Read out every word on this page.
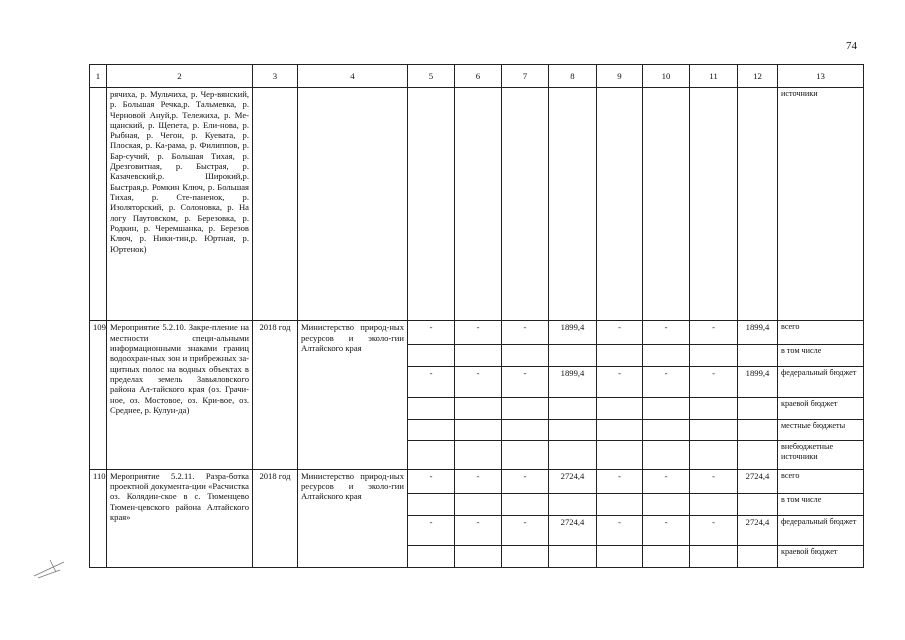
74
1	2	3	4	5	6	7	8	9	10	11	12	13
	рячиха, р. Мульчиха, р. Чер-вянский, р. Большая Речка,р. Тальмевка, р. Черновой Ануй,р. Тележиха, р. Ме-щанский, р. Щепета, р. Ели-нова, р. Рыбная, р. Чегон, р. Куевата, р. Плоская, р. Ка-рама, р. Филиппов, р. Бар-сучий, р. Большая Тихая, р. Дрезговитная, р. Быстрая, р. Казачевский,р. Широкий,р. Быстрая,р. Ромкин Ключ, р. Большая Тихая, р. Сте-паненок, р. Изоляторский, р. Солоновка, р. На логу Паутовском, р. Березовка, р. Родкин, р. Черемшанка, р. Березов Ключ, р. Ники-тин,р. Юртная, р. Юртенок)											источники
109	Мероприятие 5.2.10. Закре-пление на местности специ-альными информационными знаками границ водоохран-ных зон и прибрежных за-щитных полос на водных объектах в пределах земель Завьяловского района Ал-тайского края (оз. Грачи-ное, оз. Мостовое, оз. Кри-вое, оз. Среднее, р. Кулун-да)	2018 год	Министерство природ-ных ресурсов и эколо-гии Алтайского края	-	-	-	1899,4	-	-	-	1899,4	всего
												в том числе
				-	-	-	1899,4	-	-	-	1899,4	федеральный бюджет
												краевой бюджет
												местные бюджеты
												внебюджетные источники
110	Мероприятие 5.2.11. Разра-ботка проектной документа-ции «Расчистка оз. Колядин-ское в с. Тюменцево Тюмен-цевского района Алтайского края»	2018 год	Министерство природ-ных ресурсов и эколо-гии Алтайского края	-	-	-	2724,4	-	-	-	2724,4	всего
												в том числе
				-	-	-	2724,4	-	-	-	2724,4	федеральный бюджет
												краевой бюджет
